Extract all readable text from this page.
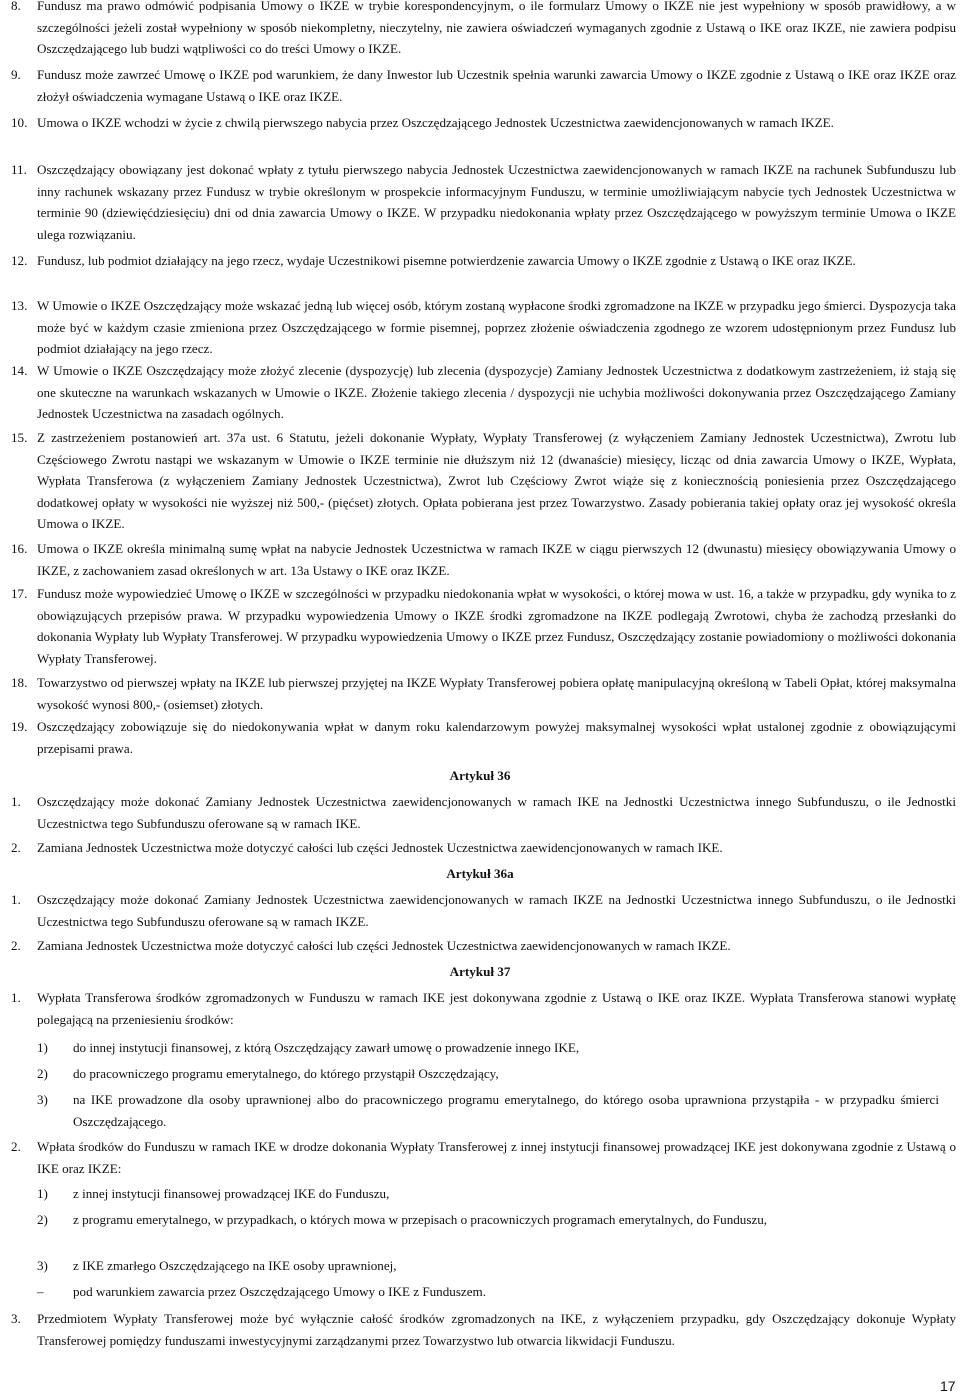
8. Fundusz ma prawo odmówić podpisania Umowy o IKZE w trybie korespondencyjnym, o ile formularz Umowy o IKZE nie jest wypełniony w sposób prawidłowy, a w szczególności jeżeli został wypełniony w sposób niekompletny, nieczytelny, nie zawiera oświadczeń wymaganych zgodnie z Ustawą o IKE oraz IKZE, nie zawiera podpisu Oszczędzającego lub budzi wątpliwości co do treści Umowy o IKZE.
9. Fundusz może zawrzeć Umowę o IKZE pod warunkiem, że dany Inwestor lub Uczestnik spełnia warunki zawarcia Umowy o IKZE zgodnie z Ustawą o IKE oraz IKZE oraz złożył oświadczenia wymagane Ustawą o IKE oraz IKZE.
10. Umowa o IKZE wchodzi w życie z chwilą pierwszego nabycia przez Oszczędzającego Jednostek Uczestnictwa zaewidencjonowanych w ramach IKZE.
11. Oszczędzający obowiązany jest dokonać wpłaty z tytułu pierwszego nabycia Jednostek Uczestnictwa zaewidencjonowanych w ramach IKZE na rachunek Subfunduszu lub inny rachunek wskazany przez Fundusz w trybie określonym w prospekcie informacyjnym Funduszu, w terminie umożliwiającym nabycie tych Jednostek Uczestnictwa w terminie 90 (dziewięćdziesięciu) dni od dnia zawarcia Umowy o IKZE. W przypadku niedokonania wpłaty przez Oszczędzającego w powyższym terminie Umowa o IKZE ulega rozwiązaniu.
12. Fundusz, lub podmiot działający na jego rzecz, wydaje Uczestnikowi pisemne potwierdzenie zawarcia Umowy o IKZE zgodnie z Ustawą o IKE oraz IKZE.
13. W Umowie o IKZE Oszczędzający może wskazać jedną lub więcej osób, którym zostaną wypłacone środki zgromadzone na IKZE w przypadku jego śmierci. Dyspozycja taka może być w każdym czasie zmieniona przez Oszczędzającego w formie pisemnej, poprzez złożenie oświadczenia zgodnego ze wzorem udostępnionym przez Fundusz lub podmiot działający na jego rzecz.
14. W Umowie o IKZE Oszczędzający może złożyć zlecenie (dyspozycję) lub zlecenia (dyspozycje) Zamiany Jednostek Uczestnictwa z dodatkowym zastrzeżeniem, iż stają się one skuteczne na warunkach wskazanych w Umowie o IKZE. Złożenie takiego zlecenia / dyspozycji nie uchybia możliwości dokonywania przez Oszczędzającego Zamiany Jednostek Uczestnictwa na zasadach ogólnych.
15. Z zastrzeżeniem postanowień art. 37a ust. 6 Statutu, jeżeli dokonanie Wypłaty, Wypłaty Transferowej (z wyłączeniem Zamiany Jednostek Uczestnictwa), Zwrotu lub Częściowego Zwrotu nastąpi we wskazanym w Umowie o IKZE terminie nie dłuższym niż 12 (dwanaście) miesięcy, licząc od dnia zawarcia Umowy o IKZE, Wypłata, Wypłata Transferowa (z wyłączeniem Zamiany Jednostek Uczestnictwa), Zwrot lub Częściowy Zwrot wiąże się z koniecznością poniesienia przez Oszczędzającego dodatkowej opłaty w wysokości nie wyższej niż 500,- (pięćset) złotych. Opłata pobierana jest przez Towarzystwo. Zasady pobierania takiej opłaty oraz jej wysokość określa Umowa o IKZE.
16. Umowa o IKZE określa minimalną sumę wpłat na nabycie Jednostek Uczestnictwa w ramach IKZE w ciągu pierwszych 12 (dwunastu) miesięcy obowiązywania Umowy o IKZE, z zachowaniem zasad określonych w art. 13a Ustawy o IKE oraz IKZE.
17. Fundusz może wypowiedzieć Umowę o IKZE w szczególności w przypadku niedokonania wpłat w wysokości, o której mowa w ust. 16, a także w przypadku, gdy wynika to z obowiązujących przepisów prawa. W przypadku wypowiedzenia Umowy o IKZE środki zgromadzone na IKZE podlegają Zwrotowi, chyba że zachodzą przesłanki do dokonania Wypłaty lub Wypłaty Transferowej. W przypadku wypowiedzenia Umowy o IKZE przez Fundusz, Oszczędzający zostanie powiadomiony o możliwości dokonania Wypłaty Transferowej.
18. Towarzystwo od pierwszej wpłaty na IKZE lub pierwszej przyjętej na IKZE Wypłaty Transferowej pobiera opłatę manipulacyjną określoną w Tabeli Opłat, której maksymalna wysokość wynosi 800,- (osiemset) złotych.
19. Oszczędzający zobowiązuje się do niedokonywania wpłat w danym roku kalendarzowym powyżej maksymalnej wysokości wpłat ustalonej zgodnie z obowiązującymi przepisami prawa.
Artykuł 36
1. Oszczędzający może dokonać Zamiany Jednostek Uczestnictwa zaewidencjonowanych w ramach IKE na Jednostki Uczestnictwa innego Subfunduszu, o ile Jednostki Uczestnictwa tego Subfunduszu oferowane są w ramach IKE.
2. Zamiana Jednostek Uczestnictwa może dotyczyć całości lub części Jednostek Uczestnictwa zaewidencjonowanych w ramach IKE.
Artykuł 36a
1. Oszczędzający może dokonać Zamiany Jednostek Uczestnictwa zaewidencjonowanych w ramach IKZE na Jednostki Uczestnictwa innego Subfunduszu, o ile Jednostki Uczestnictwa tego Subfunduszu oferowane są w ramach IKZE.
2. Zamiana Jednostek Uczestnictwa może dotyczyć całości lub części Jednostek Uczestnictwa zaewidencjonowanych w ramach IKZE.
Artykuł 37
1. Wypłata Transferowa środków zgromadzonych w Funduszu w ramach IKE jest dokonywana zgodnie z Ustawą o IKE oraz IKZE. Wypłata Transferowa stanowi wypłatę polegającą na przeniesieniu środków:
1) do innej instytucji finansowej, z którą Oszczędzający zawarł umowę o prowadzenie innego IKE,
2) do pracowniczego programu emerytalnego, do którego przystąpił Oszczędzający,
3) na IKE prowadzone dla osoby uprawnionej albo do pracowniczego programu emerytalnego, do którego osoba uprawniona przystąpiła - w przypadku śmierci Oszczędzającego.
2. Wpłata środków do Funduszu w ramach IKE w drodze dokonania Wypłaty Transferowej z innej instytucji finansowej prowadzącej IKE jest dokonywana zgodnie z Ustawą o IKE oraz IKZE:
1) z innej instytucji finansowej prowadzącej IKE do Funduszu,
2) z programu emerytalnego, w przypadkach, o których mowa w przepisach o pracowniczych programach emerytalnych, do Funduszu,
3) z IKE zmarłego Oszczędzającego na IKE osoby uprawnionej,
– pod warunkiem zawarcia przez Oszczędzającego Umowy o IKE z Funduszem.
3. Przedmiotem Wypłaty Transferowej może być wyłącznie całość środków zgromadzonych na IKE, z wyłączeniem przypadku, gdy Oszczędzający dokonuje Wypłaty Transferowej pomiędzy funduszami inwestycyjnymi zarządzanymi przez Towarzystwo lub otwarcia likwidacji Funduszu.
17
